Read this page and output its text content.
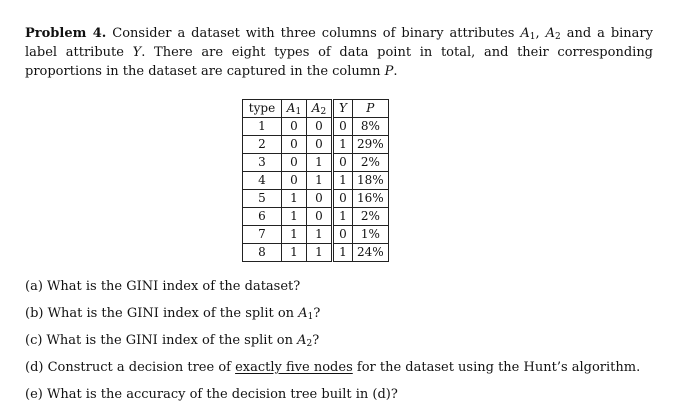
Problem 4. Consider a dataset with three columns of binary attributes $A_1$, $A_2$ and a binary label attribute Y. There are eight types of data point in total, and their corresponding proportions in the dataset are captured in the column P.
type	$A_1$	$A_2$	Y	P
1	0	0	0	8%
2	0	0	1	29%
3	0	1	0	2%
4	0	1	1	18%
5	1	0	0	16%
6	1	0	1	2%
7	1	1	0	1%
8	1	1	1	24%
(a) What is the GINI index of the dataset?
(b) What is the GINI index of the split on $A_1$?
(c) What is the GINI index of the split on $A_2$?
(d) Construct a decision tree of exactly five nodes for the dataset using the Hunt’s algorithm.
(e) What is the accuracy of the decision tree built in (d)?
